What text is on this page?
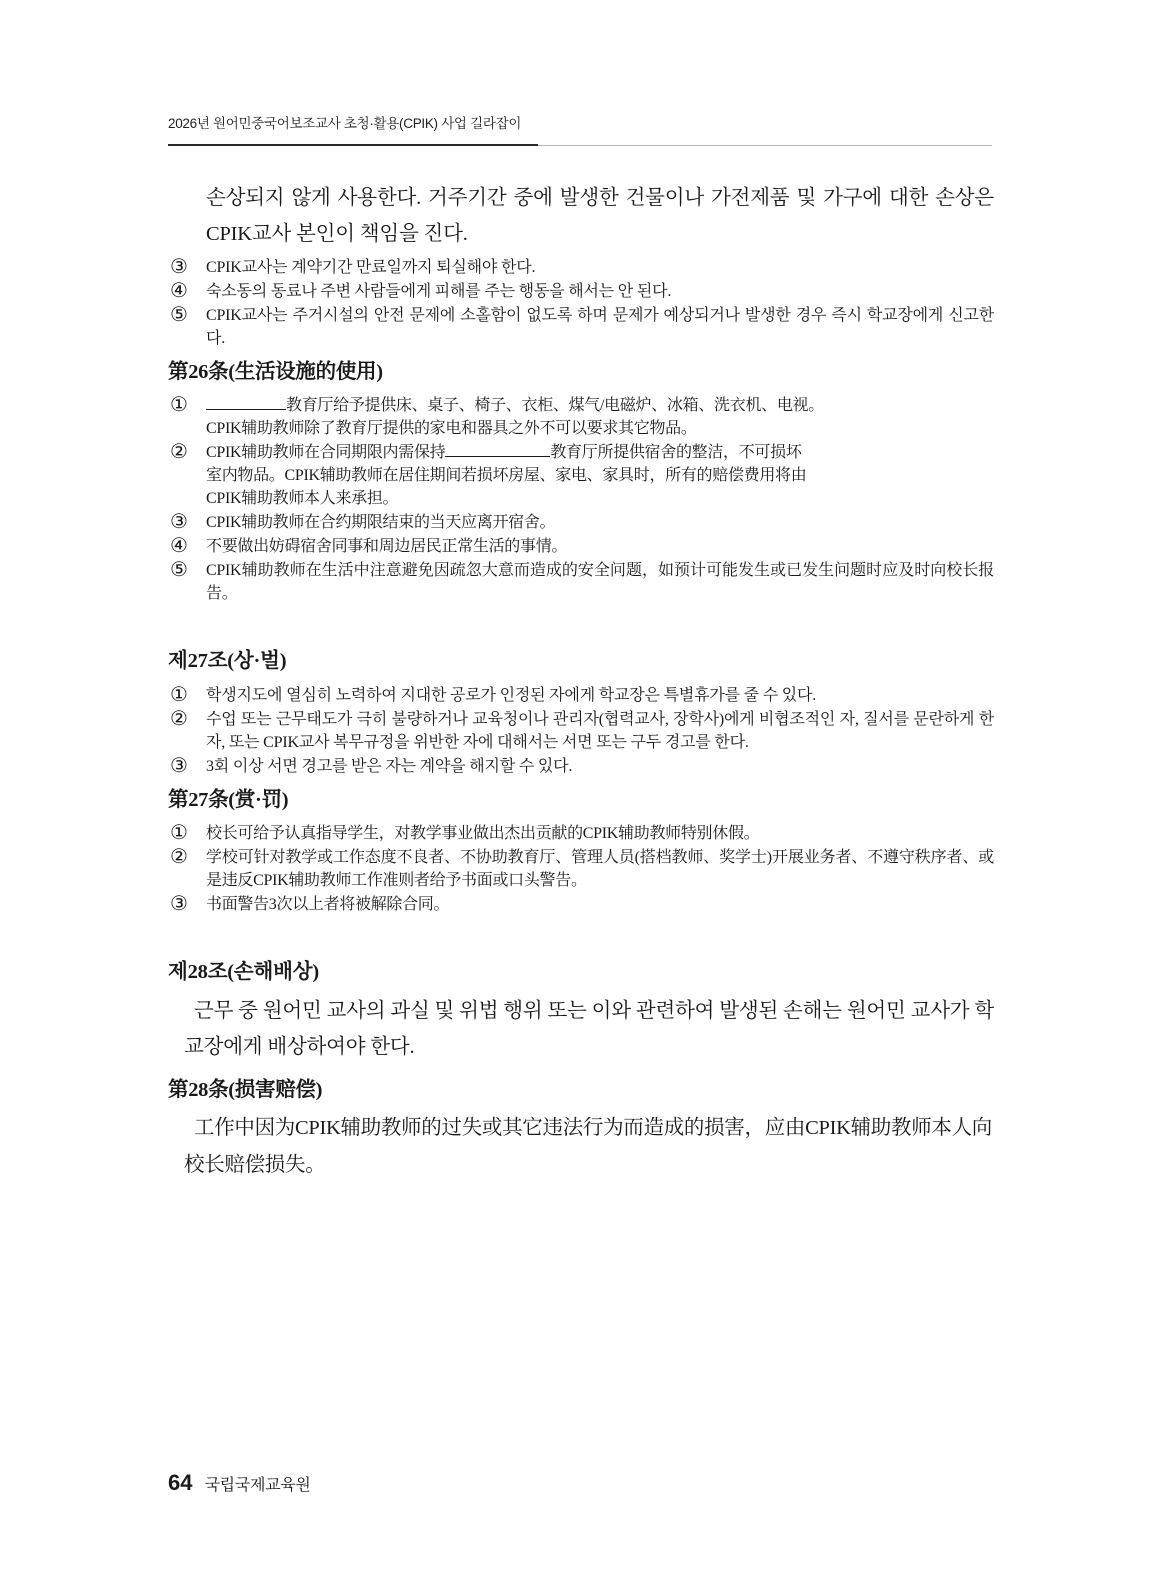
2026년 원어민중국어보조교사 초청·활용(CPIK) 사업 길라잡이

손상되지 않게 사용한다. 거주기간 중에 발생한 건물이나 가전제품 및 가구에 대한 손상은 CPIK교사 본인이 책임을 진다.

③	CPIK교사는 계약기간 만료일까지 퇴실해야 한다.
④	숙소동의 동료나 주변 사람들에게 피해를 주는 행동을 해서는 안 된다.
⑤	CPIK교사는 주거시설의 안전 문제에 소홀함이 없도록 하며 문제가 예상되거나 발생한 경우 즉시 학교장에게 신고한다.

第26条(生活设施的使用)

①	教育厅给予提供床、桌子、椅子、衣柜、煤气/电磁炉、冰箱、洗衣机、电视。
CPIK辅助教师除了教育厅提供的家电和器具之外不可以要求其它物品。
②	CPIK辅助教师在合同期限内需保持	教育厅所提供宿舍的整洁，不可损坏
室内物品。CPIK辅助教师在居住期间若损坏房屋、家电、家具时，所有的赔偿费用将由
CPIK辅助教师本人来承担。
③	CPIK辅助教师在合约期限结束的当天应离开宿舍。
④	不要做出妨碍宿舍同事和周边居民正常生活的事情。
⑤	CPIK辅助教师在生活中注意避免因疏忽大意而造成的安全问题，如预计可能发生或已发生问题时应及时向校长报告。

제27조(상·벌)

①	학생지도에 열심히 노력하여 지대한 공로가 인정된 자에게 학교장은 특별휴가를 줄 수 있다.
②	수업 또는 근무태도가 극히 불량하거나 교육청이나 관리자(협력교사, 장학사)에게 비협조적인 자, 질서를 문란하게 한 자, 또는 CPIK교사 복무규정을 위반한 자에 대해서는 서면 또는 구두 경고를 한다.
③	3회 이상 서면 경고를 받은 자는 계약을 해지할 수 있다.

第27条(赏·罚)

①	校长可给予认真指导学生，对教学事业做出杰出贡献的CPIK辅助教师特别休假。
②	学校可针对教学或工作态度不良者、不协助教育厅、管理人员(搭档教师、奖学士)开展业务者、不遵守秩序者、或是违反CPIK辅助教师工作准则者给予书面或口头警告。
③	书面警告3次以上者将被解除合同。

제28조(손해배상)

근무 중 원어민 교사의 과실 및 위법 행위 또는 이와 관련하여 발생된 손해는 원어민 교사가 학교장에게 배상하여야 한다.

第28条(损害赔偿)

工作中因为CPIK辅助教师的过失或其它违法行为而造成的损害，应由CPIK辅助教师本人向校长赔偿损失。

64 국립국제교육원
